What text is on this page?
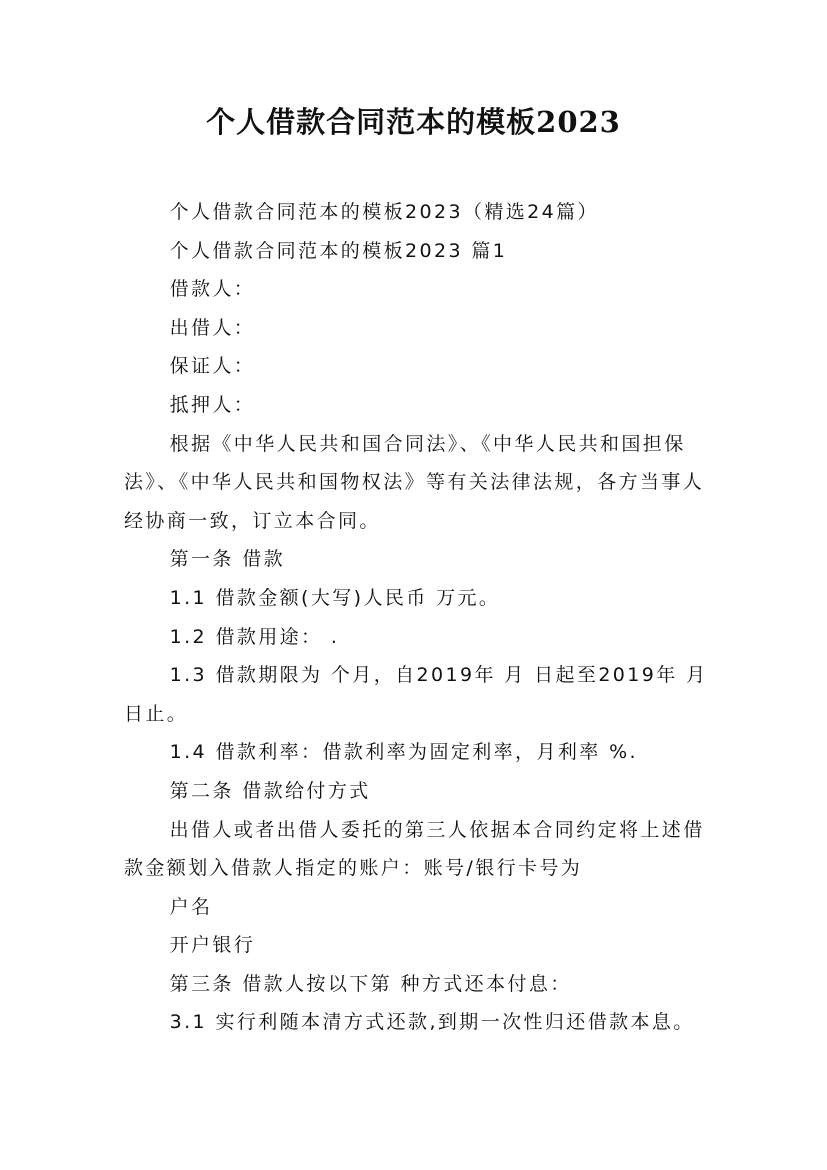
个人借款合同范本的模板2023

个人借款合同范本的模板2023（精选24篇）

个人借款合同范本的模板2023 篇1

借款人：

出借人：

保证人：

抵押人：

根据《中华人民共和国合同法》、《中华人民共和国担保法》、《中华人民共和国物权法》等有关法律法规，各方当事人经协商一致，订立本合同。

第一条 借款

1.1 借款金额(大写)人民币 万元。

1.2 借款用途： .

1.3 借款期限为 个月，自2019年 月 日起至2019年 月 日止。

1.4 借款利率：借款利率为固定利率，月利率 %.

第二条 借款给付方式

出借人或者出借人委托的第三人依据本合同约定将上述借款金额划入借款人指定的账户：账号/银行卡号为

户名

开户银行

第三条 借款人按以下第 种方式还本付息：

3.1 实行利随本清方式还款,到期一次性归还借款本息。
